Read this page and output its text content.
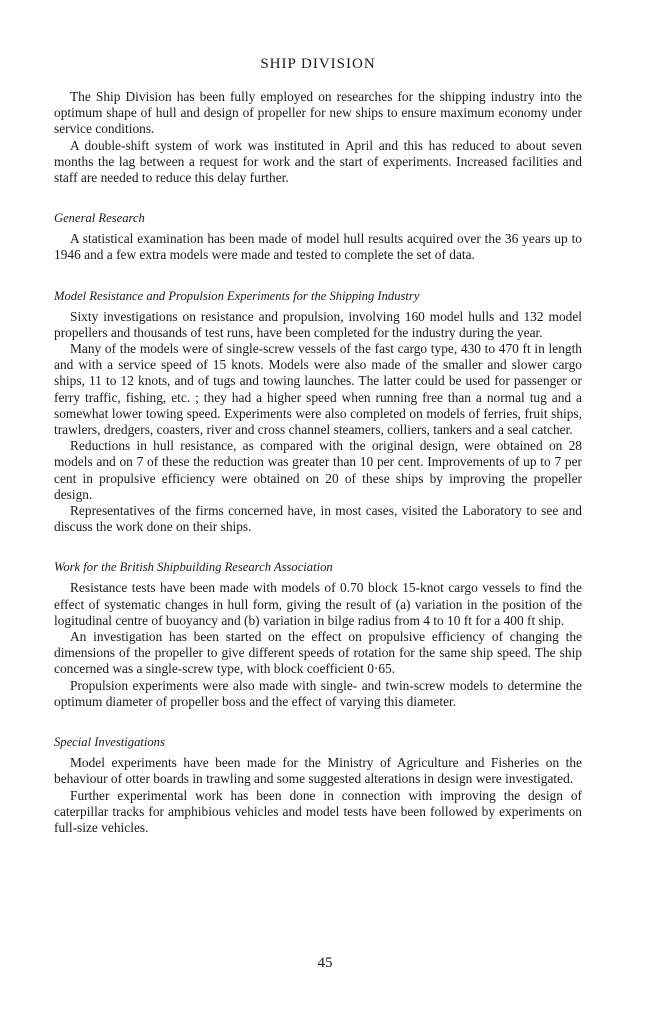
SHIP DIVISION

The Ship Division has been fully employed on researches for the shipping industry into the optimum shape of hull and design of propeller for new ships to ensure maximum economy under service conditions.

A double-shift system of work was instituted in April and this has reduced to about seven months the lag between a request for work and the start of experiments. Increased facilities and staff are needed to reduce this delay further.

General Research

A statistical examination has been made of model hull results acquired over the 36 years up to 1946 and a few extra models were made and tested to complete the set of data.

Model Resistance and Propulsion Experiments for the Shipping Industry

Sixty investigations on resistance and propulsion, involving 160 model hulls and 132 model propellers and thousands of test runs, have been completed for the industry during the year.

Many of the models were of single-screw vessels of the fast cargo type, 430 to 470 ft in length and with a service speed of 15 knots. Models were also made of the smaller and slower cargo ships, 11 to 12 knots, and of tugs and towing launches. The latter could be used for passenger or ferry traffic, fishing, etc. ; they had a higher speed when running free than a normal tug and a somewhat lower towing speed. Experiments were also completed on models of ferries, fruit ships, trawlers, dredgers, coasters, river and cross channel steamers, colliers, tankers and a seal catcher.

Reductions in hull resistance, as compared with the original design, were obtained on 28 models and on 7 of these the reduction was greater than 10 per cent. Improvements of up to 7 per cent in propulsive efficiency were obtained on 20 of these ships by improving the propeller design.

Representatives of the firms concerned have, in most cases, visited the Laboratory to see and discuss the work done on their ships.

Work for the British Shipbuilding Research Association

Resistance tests have been made with models of 0.70 block 15-knot cargo vessels to find the effect of systematic changes in hull form, giving the result of (a) variation in the position of the logitudinal centre of buoyancy and (b) variation in bilge radius from 4 to 10 ft for a 400 ft ship.

An investigation has been started on the effect on propulsive efficiency of changing the dimensions of the propeller to give different speeds of rotation for the same ship speed. The ship concerned was a single-screw type, with block coefficient 0·65.

Propulsion experiments were also made with single- and twin-screw models to determine the optimum diameter of propeller boss and the effect of varying this diameter.

Special Investigations

Model experiments have been made for the Ministry of Agriculture and Fisheries on the behaviour of otter boards in trawling and some suggested alterations in design were investigated.

Further experimental work has been done in connection with improving the design of caterpillar tracks for amphibious vehicles and model tests have been followed by experiments on full-size vehicles.

45
